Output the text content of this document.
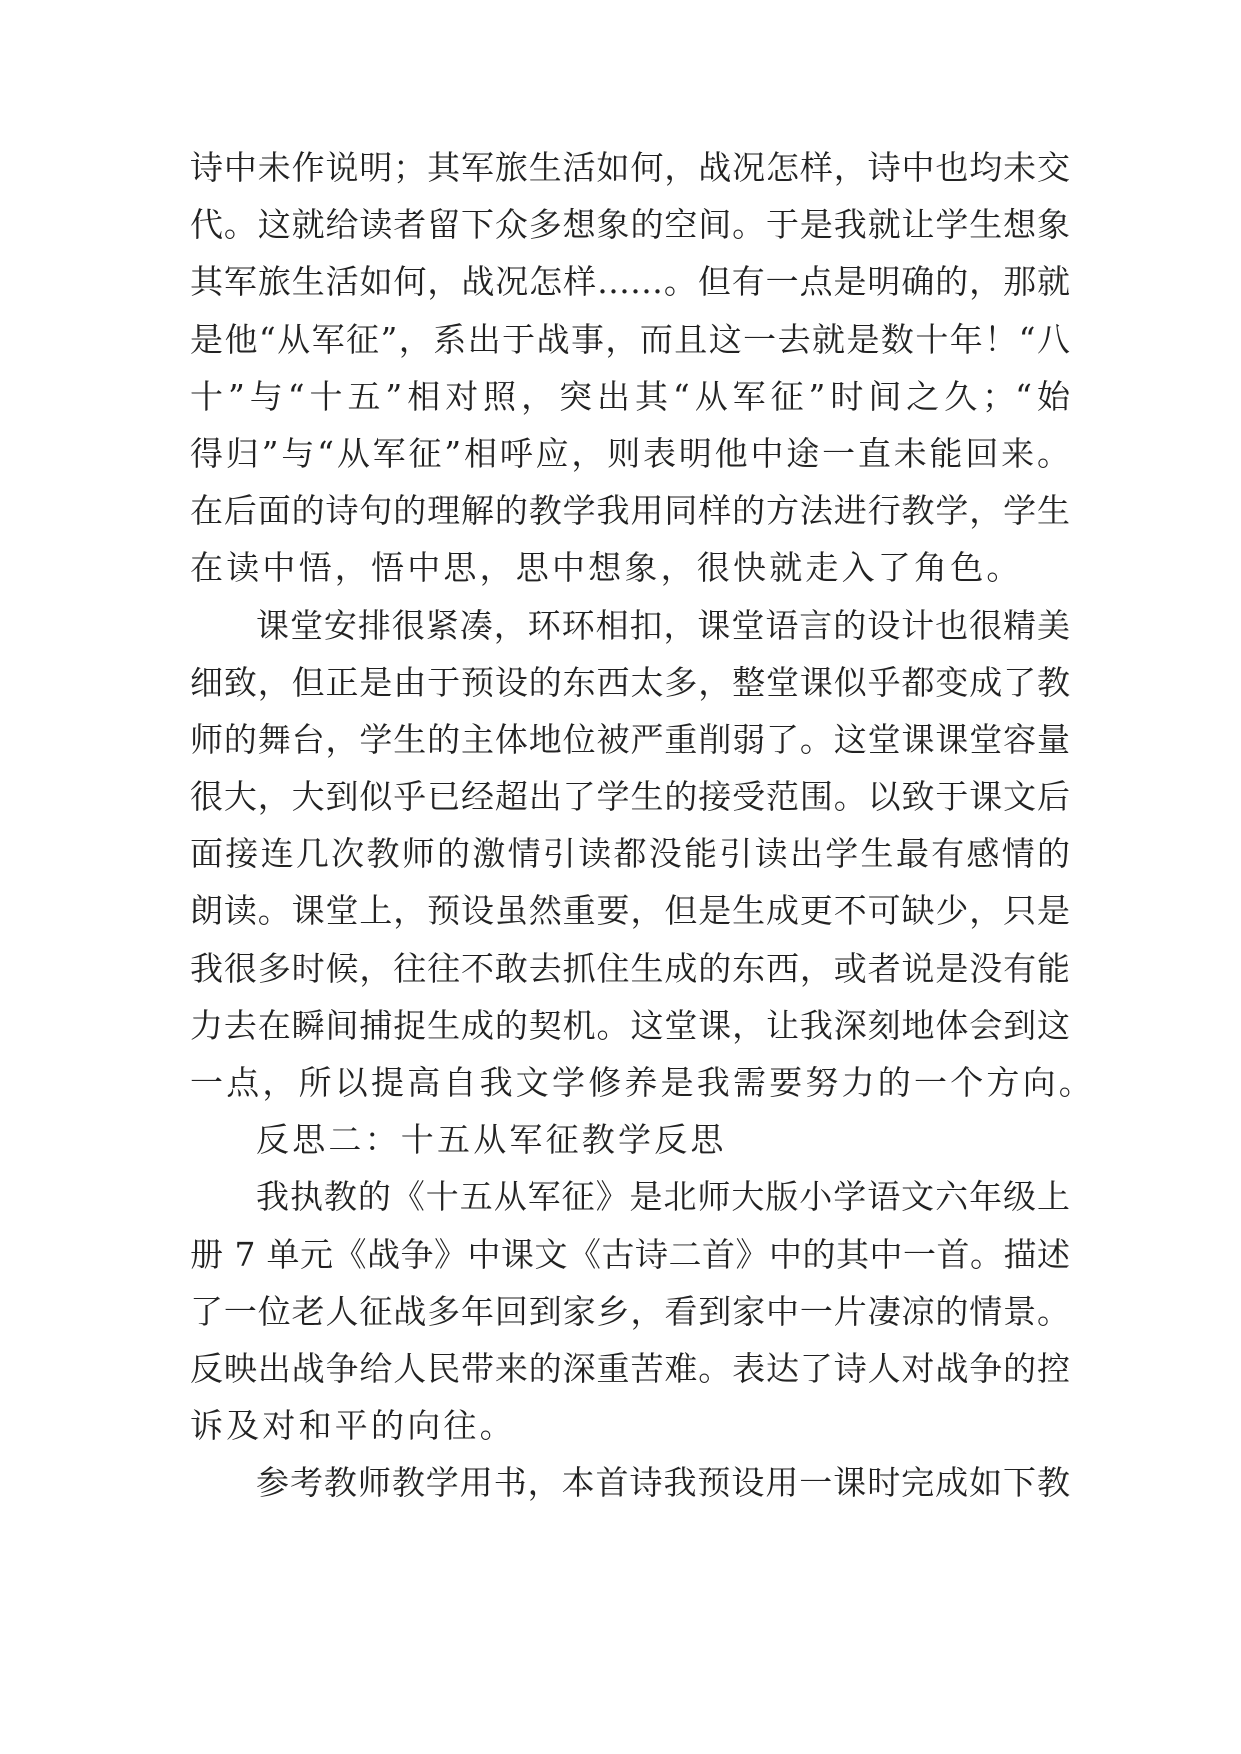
诗中未作说明；其军旅生活如何，战况怎样，诗中也均未交
代。这就给读者留下众多想象的空间。于是我就让学生想象
其军旅生活如何，战况怎样……。但有一点是明确的，那就
是他“从军征”，系出于战事，而且这一去就是数十年！“八
十”与“十五”相对照，突出其“从军征”时间之久；“始
得归”与“从军征”相呼应，则表明他中途一直未能回来。
在后面的诗句的理解的教学我用同样的方法进行教学，学生
在读中悟，悟中思，思中想象，很快就走入了角色。
课堂安排很紧凑，环环相扣，课堂语言的设计也很精美
细致，但正是由于预设的东西太多，整堂课似乎都变成了教
师的舞台，学生的主体地位被严重削弱了。这堂课课堂容量
很大，大到似乎已经超出了学生的接受范围。以致于课文后
面接连几次教师的激情引读都没能引读出学生最有感情的
朗读。课堂上，预设虽然重要，但是生成更不可缺少，只是
我很多时候，往往不敢去抓住生成的东西，或者说是没有能
力去在瞬间捕捉生成的契机。这堂课，让我深刻地体会到这
一点，所以提高自我文学修养是我需要努力的一个方向。
反思二：十五从军征教学反思
我执教的《十五从军征》是北师大版小学语文六年级上
册 7 单元《战争》中课文《古诗二首》中的其中一首。描述
了一位老人征战多年回到家乡，看到家中一片凄凉的情景。
反映出战争给人民带来的深重苦难。表达了诗人对战争的控
诉及对和平的向往。
参考教师教学用书，本首诗我预设用一课时完成如下教
